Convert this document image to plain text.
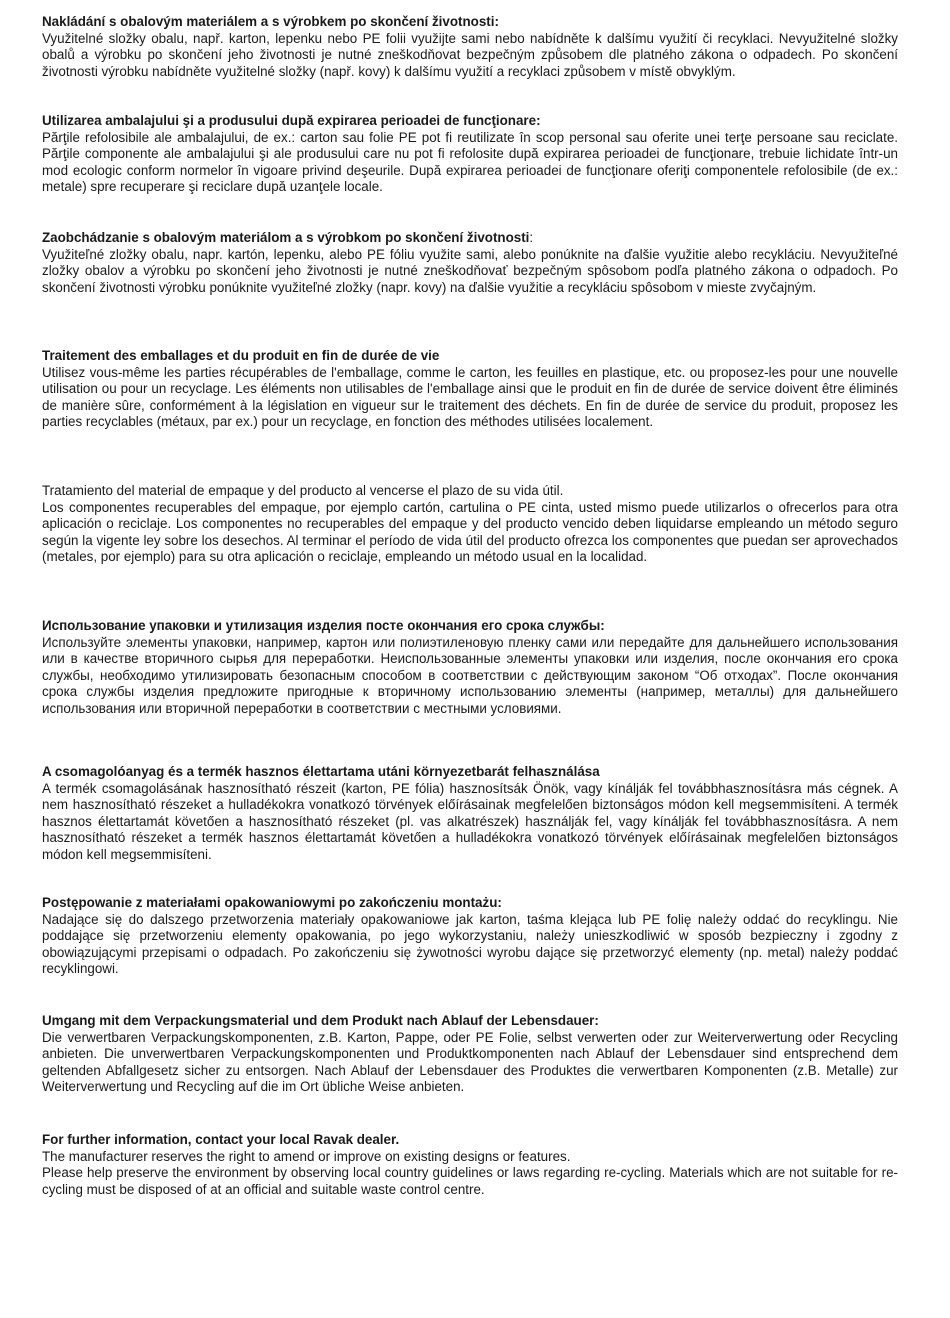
Nakládání s obalovým materiálem a s výrobkem po skončení životnosti:

Využitelné složky obalu, např. karton, lepenku nebo PE folii využijte sami nebo nabídněte k dalšímu využití či recyklaci. Nevyužitelné složky obalů a výrobku po skončení jeho životnosti je nutné zneškodňovat bezpečným způsobem dle platného zákona o odpadech. Po skončení životnosti výrobku nabídněte využitelné složky (např. kovy) k dalšímu využití a recyklaci způsobem v místě obvyklým.

Utilizarea ambalajului şi a produsului după expirarea perioadei de funcţionare:

Părţile refolosibile ale ambalajului, de ex.: carton sau folie PE pot fi reutilizate în scop personal sau oferite unei terţe persoane sau reciclate. Părţile componente ale ambalajului şi ale produsului care nu pot fi refolosite după expirarea perioadei de funcţionare, trebuie lichidate într-un mod ecologic conform normelor în vigoare privind deşeurile. După expirarea perioadei de funcţionare oferiţi componentele refolosibile (de ex.: metale) spre recuperare şi reciclare după uzanţele locale.

Zaobchádzanie s obalovým materiálom a s výrobkom po skončení životnosti:

Využiteľné zložky obalu, napr. kartón, lepenku, alebo PE fóliu využite sami, alebo ponúknite na ďalšie využitie alebo recykláciu. Nevyužiteľné zložky obalov a výrobku po skončení jeho životnosti je nutné zneškodňovať bezpečným spôsobom podľa platného zákona o odpadoch. Po skončení životnosti výrobku ponúknite využiteľné zložky (napr. kovy) na ďalšie využitie a recykláciu spôsobom v mieste zvyčajným.

Traitement des emballages et du produit en fin de durée de vie

Utilisez vous-même les parties récupérables de l'emballage, comme le carton, les feuilles en plastique, etc. ou proposez-les pour une nouvelle utilisation ou pour un recyclage. Les éléments non utilisables de l'emballage ainsi que le produit en fin de durée de service doivent être éliminés de manière sûre, conformément à la législation en vigueur sur le traitement des déchets. En fin de durée de service du produit, proposez les parties recyclables (métaux, par ex.) pour un recyclage, en fonction des méthodes utilisées localement.

Tratamiento del material de empaque y del producto al vencerse el plazo de su vida útil.

Los componentes recuperables del empaque, por ejemplo cartón, cartulina o PE cinta, usted mismo puede utilizarlos o ofrecerlos para otra aplicación o reciclaje. Los componentes no recuperables del empaque y del producto vencido deben liquidarse empleando un método seguro según la vigente ley sobre los desechos. Al terminar el período de vida útil del producto ofrezca los componentes que puedan ser aprovechados (metales, por ejemplo) para su otra aplicación o reciclaje, empleando un método usual en la localidad.

Использование упаковки и утилизация изделия посте окончания его срока службы:

Используйте элементы упаковки, например, картон или полиэтиленовую пленку сами или передайте для дальнейшего использования или в качестве вторичного сырья для переработки. Неиспользованные элементы упаковки или изделия, после окончания его срока службы, необходимо утилизировать безопасным способом в соответствии с действующим законом “Об отходах”. После окончания срока службы изделия предложите пригодные к вторичному использованию элементы (например, металлы) для дальнейшего использования или вторичной переработки в соответствии с местными условиями.

A csomagolóanyag és a termék hasznos élettartama utáni környezetbarát felhasználása

A termék csomagolásának hasznosítható részeit (karton, PE fólia) hasznosítsák Önök, vagy kínálják fel továbbhasznosításra más cégnek. A nem hasznosítható részeket a hulladékokra vonatkozó törvények előírásainak megfelelően biztonságos módon kell megsemmisíteni. A termék hasznos élettartamát követően a hasznosítható részeket (pl. vas alkatrészek) használják fel, vagy kínálják fel továbbhasznosításra. A nem hasznosítható részeket a termék hasznos élettartamát követően a hulladékokra vonatkozó törvények előírásainak megfelelően biztonságos módon kell megsemmisíteni.

Postępowanie z materiałami opakowaniowymi po zakończeniu montażu:

Nadające się do dalszego przetworzenia materiały opakowaniowe jak karton, taśma klejąca lub PE folię należy oddać do recyklingu. Nie poddające się przetworzeniu elementy opakowania, po jego wykorzystaniu, należy unieszkodliwić w sposób bezpieczny i zgodny z obowiązującymi przepisami o odpadach. Po zakończeniu się żywotności wyrobu dające się przetworzyć elementy (np. metal) należy poddać recyklingowi.

Umgang mit dem Verpackungsmaterial und dem Produkt nach Ablauf der Lebensdauer:

Die verwertbaren Verpackungskomponenten, z.B. Karton, Pappe, oder PE Folie, selbst verwerten oder zur Weiterverwertung oder Recycling anbieten. Die unverwertbaren Verpackungskomponenten und Produktkomponenten nach Ablauf der Lebensdauer sind entsprechend dem geltenden Abfallgesetz sicher zu entsorgen. Nach Ablauf der Lebensdauer des Produktes die verwertbaren Komponenten (z.B. Metalle) zur Weiterverwertung und Recycling auf die im Ort übliche Weise anbieten.

For further information, contact your local Ravak dealer.

The manufacturer reserves the right to amend or improve on existing designs or features.

Please help preserve the environment by observing local country guidelines or laws regarding re-cycling. Materials which are not suitable for re-cycling must be disposed of at an official and suitable waste control centre.
